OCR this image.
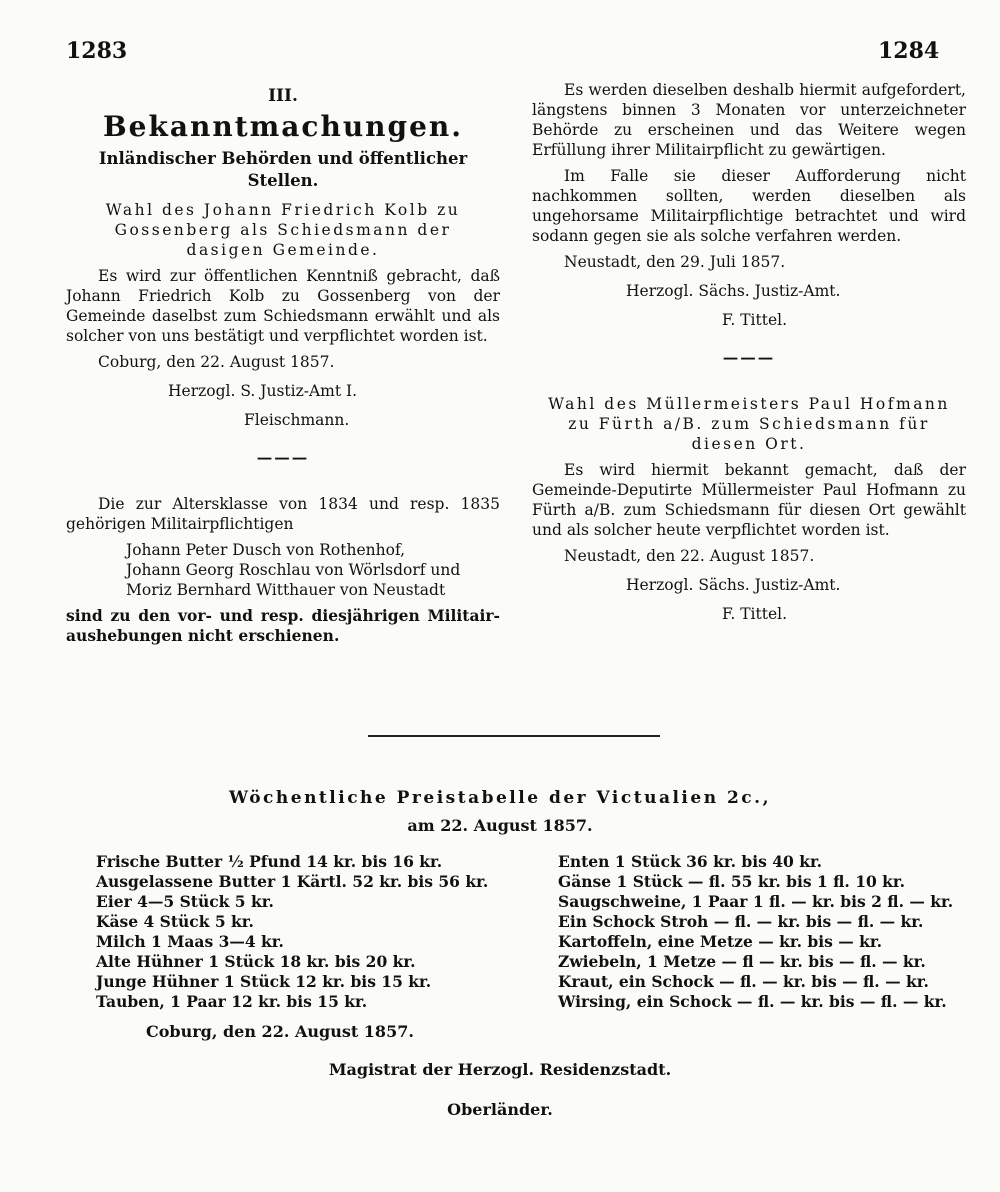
1283	1284

III.

Bekanntmachungen.

Inländischer Behörden und öffentlicher Stellen.

Wahl des Johann Friedrich Kolb zu Gossenberg als Schiedsmann der dasigen Gemeinde.

Es wird zur öffentlichen Kenntniß gebracht, daß Johann Friedrich Kolb zu Gossenberg von der Gemeinde daselbst zum Schiedsmann erwählt und als solcher von uns bestätigt und verpflichtet worden ist.

Coburg, den 22. August 1857.

Herzogl. S. Justiz-Amt I.

Fleischmann.

———

Die zur Altersklasse von 1834 und resp. 1835 gehörigen Militairpflichtigen

Johann Peter Dusch von Rothenhof,

Johann Georg Roschlau von Wörlsdorf und

Moriz Bernhard Witthauer von Neustadt

sind zu den vor- und resp. diesjährigen Militair-aushebungen nicht erschienen.

Es werden dieselben deshalb hiermit aufgefordert, längstens binnen 3 Monaten vor unterzeichneter Behörde zu erscheinen und das Weitere wegen Erfüllung ihrer Militairpflicht zu gewärtigen.

Im Falle sie dieser Aufforderung nicht nachkommen sollten, werden dieselben als ungehorsame Militairpflichtige betrachtet und wird sodann gegen sie als solche verfahren werden.

Neustadt, den 29. Juli 1857.

Herzogl. Sächs. Justiz-Amt.

F. Tittel.

———

Wahl des Müllermeisters Paul Hofmann zu Fürth a/B. zum Schiedsmann für diesen Ort.

Es wird hiermit bekannt gemacht, daß der Gemeinde-Deputirte Müllermeister Paul Hofmann zu Fürth a/B. zum Schiedsmann für diesen Ort gewählt und als solcher heute verpflichtet worden ist.

Neustadt, den 22. August 1857.

Herzogl. Sächs. Justiz-Amt.

F. Tittel.

Wöchentliche Preistabelle der Victualien 2c.,
am 22. August 1857.
Frische Butter ½ Pfund 14 kr. bis 16 kr.
Ausgelassene Butter 1 Kärtl. 52 kr. bis 56 kr.
Eier 4—5 Stück 5 kr.
Käse 4 Stück 5 kr.
Milch 1 Maas 3—4 kr.
Alte Hühner 1 Stück 18 kr. bis 20 kr.
Junge Hühner 1 Stück 12 kr. bis 15 kr.
Tauben, 1 Paar 12 kr. bis 15 kr.
Enten 1 Stück 36 kr. bis 40 kr.
Gänse 1 Stück — fl. 55 kr. bis 1 fl. 10 kr.
Saugschweine, 1 Paar 1 fl. — kr. bis 2 fl. — kr.
Ein Schock Stroh — fl. — kr. bis — fl. — kr.
Kartoffeln, eine Metze — kr. bis — kr.
Zwiebeln, 1 Metze — fl — kr. bis — fl. — kr.
Kraut, ein Schock — fl. — kr. bis — fl. — kr.
Wirsing, ein Schock — fl. — kr. bis — fl. — kr.
Coburg, den 22. August 1857.
Magistrat der Herzogl. Residenzstadt.
Oberländer.
